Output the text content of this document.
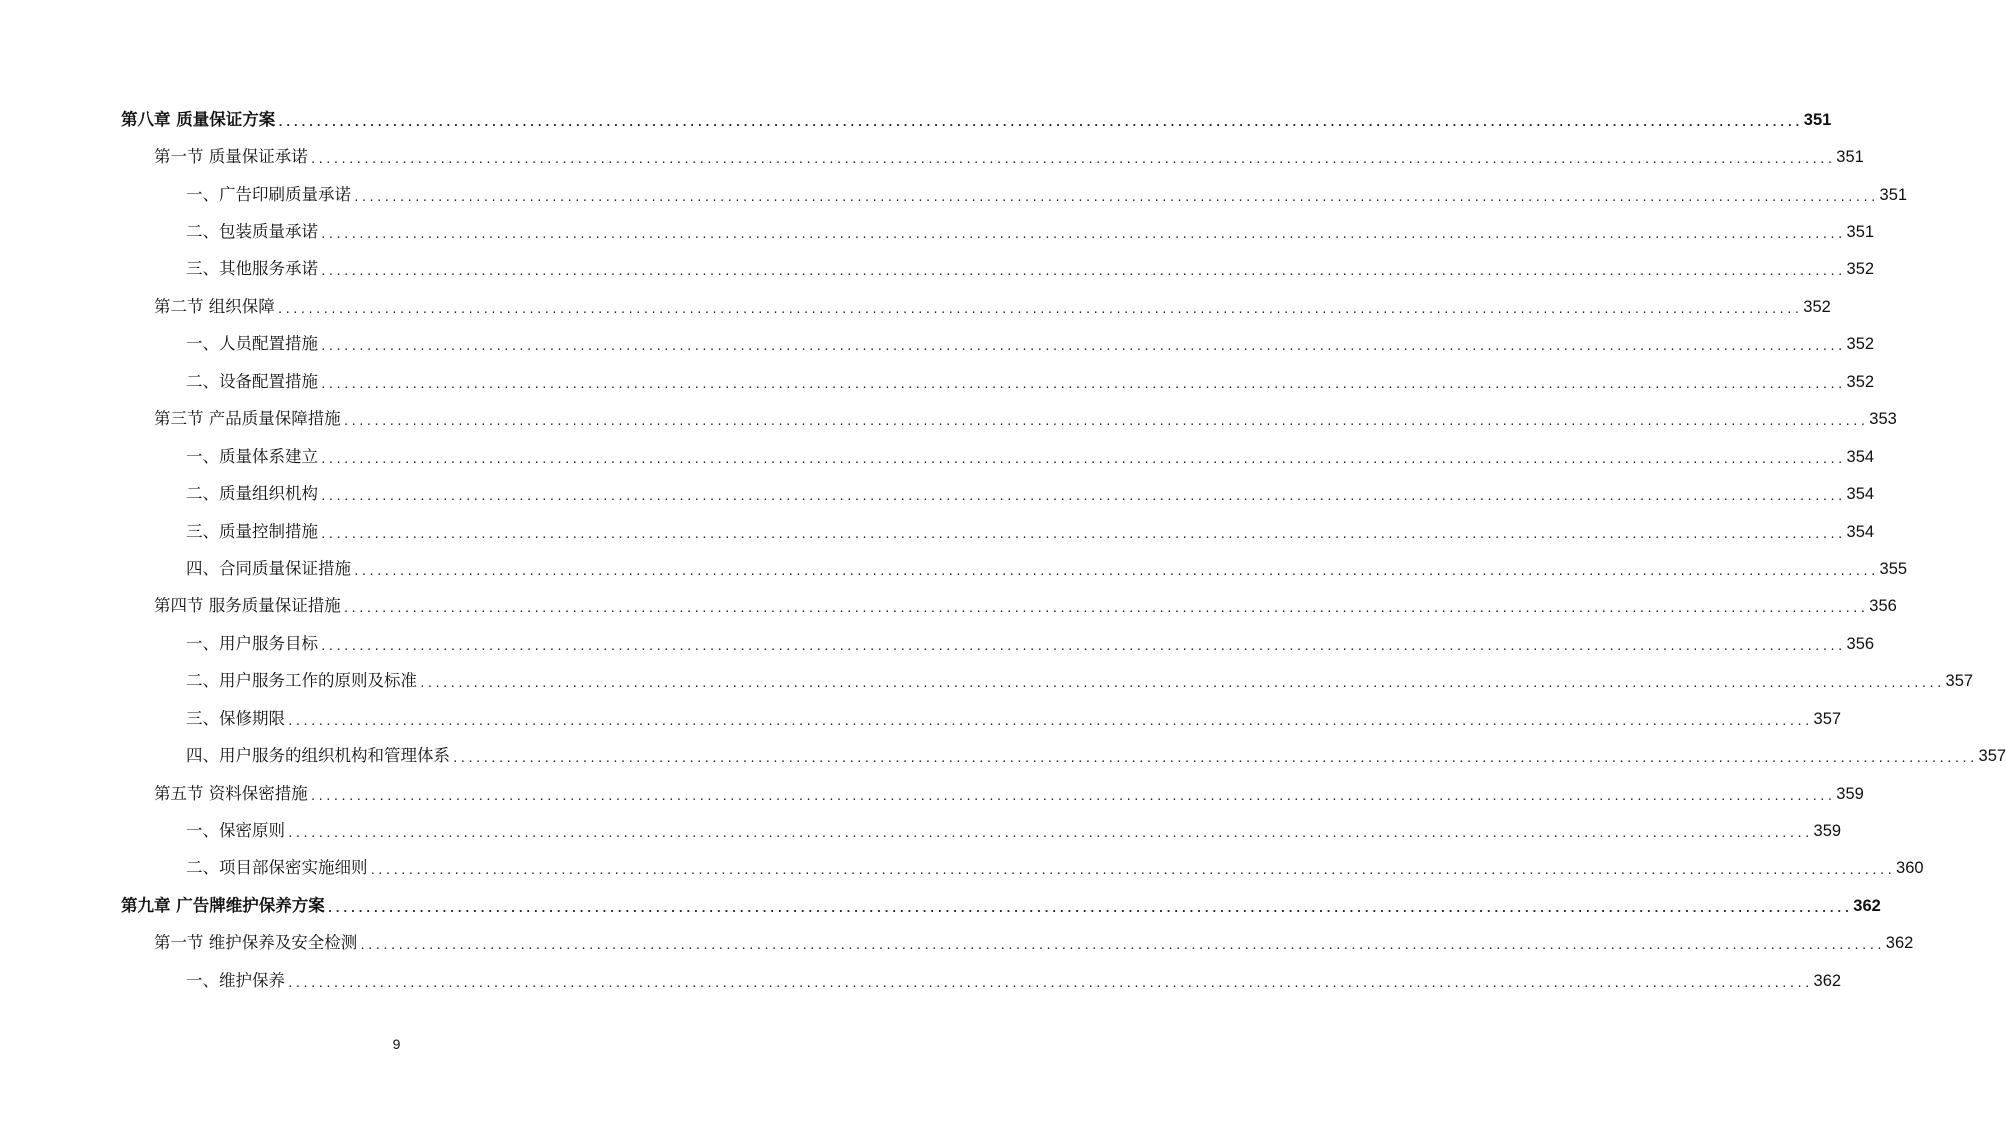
第八章 质量保证方案 ........................................................................................................................................................................................................ 351
第一节 质量保证承诺 ........................................................................................................................................................................................................ 351
一、广告印刷质量承诺 ........................................................................................................................................................................................................ 351
二、包装质量承诺 ........................................................................................................................................................................................................ 351
三、其他服务承诺 ........................................................................................................................................................................................................ 352
第二节 组织保障 ........................................................................................................................................................................................................ 352
一、人员配置措施 ........................................................................................................................................................................................................ 352
二、设备配置措施 ........................................................................................................................................................................................................ 352
第三节 产品质量保障措施 ........................................................................................................................................................................................................ 353
一、质量体系建立 ........................................................................................................................................................................................................ 354
二、质量组织机构 ........................................................................................................................................................................................................ 354
三、质量控制措施 ........................................................................................................................................................................................................ 354
四、合同质量保证措施 ........................................................................................................................................................................................................ 355
第四节 服务质量保证措施 ........................................................................................................................................................................................................ 356
一、用户服务目标 ........................................................................................................................................................................................................ 356
二、用户服务工作的原则及标准 ........................................................................................................................................................................................................ 357
三、保修期限 ........................................................................................................................................................................................................ 357
四、用户服务的组织机构和管理体系 ........................................................................................................................................................................................................ 357
第五节 资料保密措施 ........................................................................................................................................................................................................ 359
一、保密原则 ........................................................................................................................................................................................................ 359
二、项目部保密实施细则 ........................................................................................................................................................................................................ 360
第九章 广告牌维护保养方案 ........................................................................................................................................................................................................ 362
第一节 维护保养及安全检测 ........................................................................................................................................................................................................ 362
一、维护保养 ........................................................................................................................................................................................................ 362
9
